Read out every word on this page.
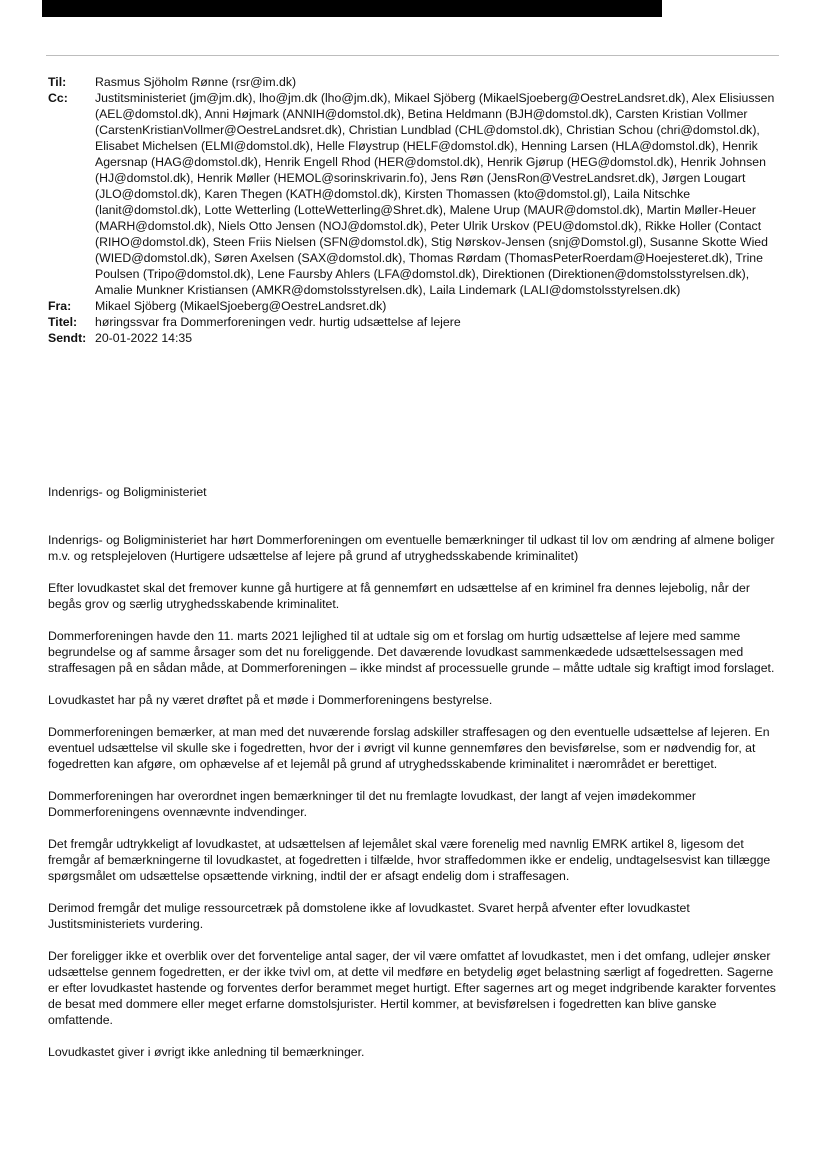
Til:	Rasmus Sjöholm Rønne (rsr@im.dk)
Cc:	Justitsministeriet (jm@jm.dk), lho@jm.dk (lho@jm.dk), Mikael Sjöberg (MikaelSjoeberg@OestreLandsret.dk), Alex Elisiussen (AEL@domstol.dk), Anni Højmark (ANNIH@domstol.dk), Betina Heldmann (BJH@domstol.dk), Carsten Kristian Vollmer (CarstenKristianVollmer@OestreLandsret.dk), Christian Lundblad (CHL@domstol.dk), Christian Schou (chri@domstol.dk), Elisabet Michelsen (ELMI@domstol.dk), Helle Fløystrup (HELF@domstol.dk), Henning Larsen (HLA@domstol.dk), Henrik Agersnap (HAG@domstol.dk), Henrik Engell Rhod (HER@domstol.dk), Henrik Gjørup (HEG@domstol.dk), Henrik Johnsen (HJ@domstol.dk), Henrik Møller (HEMOL@sorinskrivarin.fo), Jens Røn (JensRon@VestreLandsret.dk), Jørgen Lougart (JLO@domstol.dk), Karen Thegen (KATH@domstol.dk), Kirsten Thomassen (kto@domstol.gl), Laila Nitschke (lanit@domstol.dk), Lotte Wetterling (LotteWetterling@Shret.dk), Malene Urup (MAUR@domstol.dk), Martin Møller-Heuer (MARH@domstol.dk), Niels Otto Jensen (NOJ@domstol.dk), Peter Ulrik Urskov (PEU@domstol.dk), Rikke Holler (Contact (RIHO@domstol.dk), Steen Friis Nielsen (SFN@domstol.dk), Stig Nørskov-Jensen (snj@Domstol.gl), Susanne Skotte Wied (WIED@domstol.dk), Søren Axelsen (SAX@domstol.dk), Thomas Rørdam (ThomasPeterRoerdam@Hoejesteret.dk), Trine Poulsen (Tripo@domstol.dk), Lene Faursby Ahlers (LFA@domstol.dk), Direktionen (Direktionen@domstolsstyrelsen.dk), Amalie Munkner Kristiansen (AMKR@domstolsstyrelsen.dk), Laila Lindemark (LALI@domstolsstyrelsen.dk)
Fra:	Mikael Sjöberg (MikaelSjoeberg@OestreLandsret.dk)
Titel:	høringssvar fra Dommerforeningen vedr. hurtig udsættelse af lejere
Sendt: 20-01-2022 14:35

Indenrigs- og Boligministeriet

Indenrigs- og Boligministeriet har hørt Dommerforeningen om eventuelle bemærkninger til udkast til lov om ændring af almene boliger m.v. og retsplejeloven (Hurtigere udsættelse af lejere på grund af utryghedsskabende kriminalitet)

Efter lovudkastet skal det fremover kunne gå hurtigere at få gennemført en udsættelse af en kriminel fra dennes lejebolig, når der begås grov og særlig utryghedsskabende kriminalitet.

Dommerforeningen havde den 11. marts 2021 lejlighed til at udtale sig om et forslag om hurtig udsættelse af lejere med samme begrundelse og af samme årsager som det nu foreliggende. Det daværende lovudkast sammenkædede udsættelsessagen med straffesagen på en sådan måde, at Dommerforeningen – ikke mindst af processuelle grunde – måtte udtale sig kraftigt imod forslaget.

Lovudkastet har på ny været drøftet på et møde i Dommerforeningens bestyrelse.

Dommerforeningen bemærker, at man med det nuværende forslag adskiller straffesagen og den eventuelle udsættelse af lejeren. En eventuel udsættelse vil skulle ske i fogedretten, hvor der i øvrigt vil kunne gennemføres den bevisførelse, som er nødvendig for, at fogedretten kan afgøre, om ophævelse af et lejemål på grund af utryghedsskabende kriminalitet i nærområdet er berettiget.

Dommerforeningen har overordnet ingen bemærkninger til det nu fremlagte lovudkast, der langt af vejen imødekommer Dommerforeningens ovennævnte indvendinger.

Det fremgår udtrykkeligt af lovudkastet, at udsættelsen af lejemålet skal være forenelig med navnlig EMRK artikel 8, ligesom det fremgår af bemærkningerne til lovudkastet, at fogedretten i tilfælde, hvor straffedommen ikke er endelig, undtagelsesvist kan tillægge spørgsmålet om udsættelse opsættende virkning, indtil der er afsagt endelig dom i straffesagen.

Derimod fremgår det mulige ressourcetræk på domstolene ikke af lovudkastet. Svaret herpå afventer efter lovudkastet Justitsministeriets vurdering.

Der foreligger ikke et overblik over det forventelige antal sager, der vil være omfattet af lovudkastet, men i det omfang, udlejer ønsker udsættelse gennem fogedretten, er der ikke tvivl om, at dette vil medføre en betydelig øget belastning særligt af fogedretten. Sagerne er efter lovudkastet hastende og forventes derfor berammet meget hurtigt. Efter sagernes art og meget indgribende karakter forventes de besat med dommere eller meget erfarne domstolsjurister. Hertil kommer, at bevisførelsen i fogedretten kan blive ganske omfattende.

Lovudkastet giver i øvrigt ikke anledning til bemærkninger.
